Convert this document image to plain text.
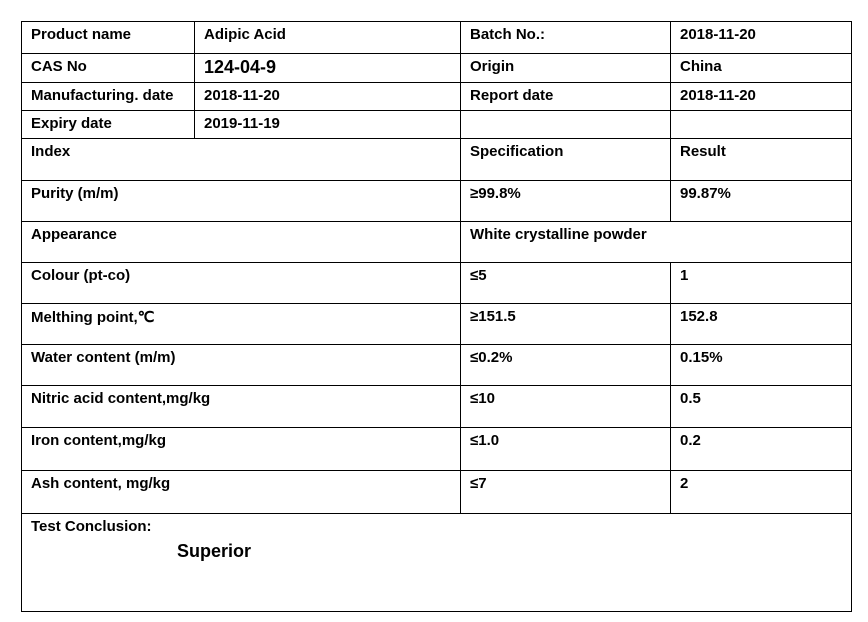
Product name	Adipic Acid	Batch No.:	2018-11-20
CAS No	124-04-9	Origin	China
Manufacturing. date	2018-11-20	Report date	2018-11-20
Expiry date	2019-11-19
Index	Specification	Result
Purity (m/m)	≥99.8%	99.87%
Appearance	White crystalline powder
Colour (pt-co)	≤5	1
Melthing point,℃	≥151.5	152.8
Water content (m/m)	≤0.2%	0.15%
Nitric acid content,mg/kg	≤10	0.5
Iron content,mg/kg	≤1.0	0.2
Ash content, mg/kg	≤7	2
Test Conclusion:
Superior
